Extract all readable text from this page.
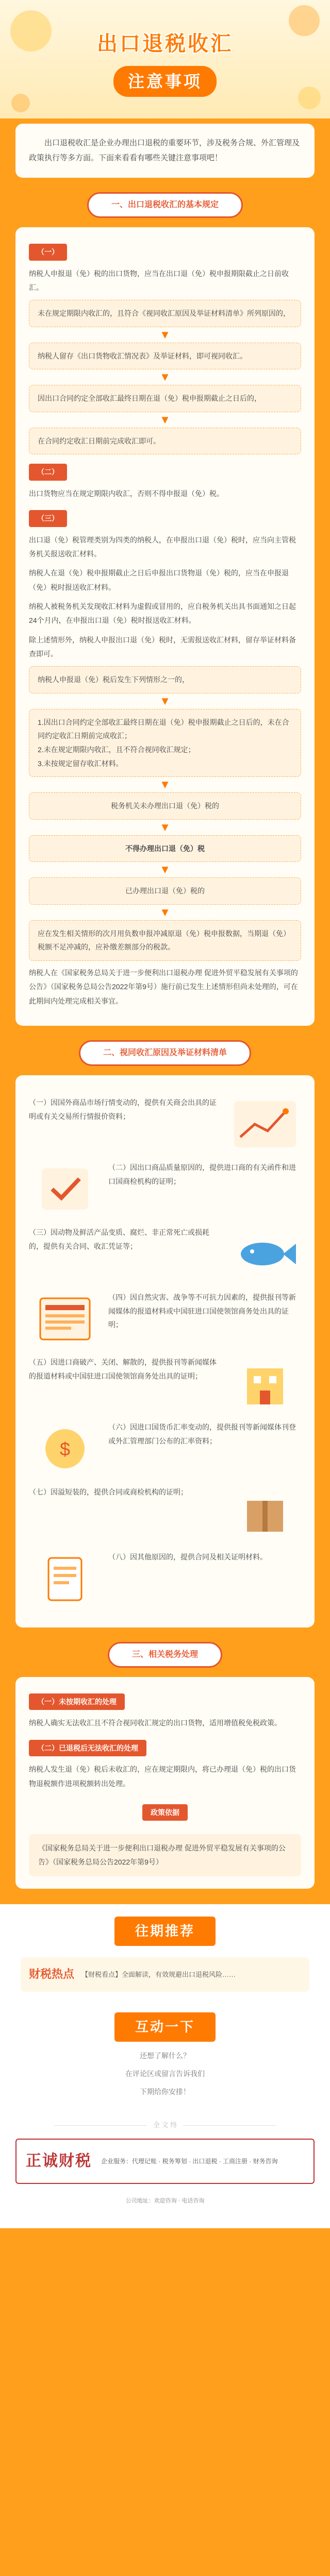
出口退税收汇
注意事项

出口退税收汇是企业办理出口退税的重要环节，涉及税务合规、外汇管理及政策执行等多方面。下面来看看有哪些关键注意事项吧！

一、出口退税收汇的基本规定
（一）

纳税人申报退（免）税的出口货物，应当在出口退（免）税申报期限截止之日前收汇。

未在规定期限内收汇的，且符合《视同收汇原因及举证材料清单》所列原因的，
▼
纳税人留存《出口货物收汇情况表》及举证材料，即可视同收汇。
▼
因出口合同约定全部收汇最终日期在退（免）税申报期截止之日后的，
▼
在合同约定收汇日期前完成收汇即可。
（二）

出口货物应当在规定期限内收汇，否则不得申报退（免）税。

（三）

出口退（免）税管理类别为四类的纳税人，在申报出口退（免）税时，应当向主管税务机关报送收汇材料。

纳税人在退（免）税申报期截止之日后申报出口货物退（免）税的，应当在申报退（免）税时报送收汇材料。

纳税人被税务机关发现收汇材料为虚假或冒用的，应自税务机关出具书面通知之日起24个月内，在申报出口退（免）税时报送收汇材料。

除上述情形外，纳税人申报出口退（免）税时，无需报送收汇材料，留存举证材料备查即可。

纳税人申报退（免）税后发生下列情形之一的，
▼
1.因出口合同约定全部收汇最终日期在退（免）税申报期截止之日后的，未在合同约定收汇日期前完成收汇；
2.未在规定期限内收汇，且不符合视同收汇规定；
3.未按规定留存收汇材料。
▼
税务机关未办理出口退（免）税的
▼
不得办理出口退（免）税
▼
已办理出口退（免）税的
▼
应在发生相关情形的次月用负数申报冲减原退（免）税申报数据，当期退（免）税额不足冲减的，应补缴差额部分的税款。

纳税人在《国家税务总局关于进一步便利出口退税办理 促进外贸平稳发展有关事项的公告》（国家税务总局公告2022年第9号）施行前已发生上述情形但尚未处理的，可在此期间内处理完成相关事宜。

二、视同收汇原因及举证材料清单
（一）因国外商品市场行情变动的，提供有关商会出具的证明或有关交易所行情报价资料；
（二）因出口商品质量原因的，提供进口商的有关函件和进口国商检机构的证明；
（三）因动物及鲜活产品变质、腐烂、非正常死亡或损耗的，提供有关合同、收汇凭证等；
（四）因自然灾害、战争等不可抗力因素的，提供报刊等新闻媒体的报道材料或中国驻进口国使领馆商务处出具的证明；
（五）因进口商破产、关闭、解散的，提供报刊等新闻媒体的报道材料或中国驻进口国使领馆商务处出具的证明；
$
（六）因进口国货币汇率变动的，提供报刊等新闻媒体刊登或外汇管理部门公布的汇率资料；
（七）因溢短装的，提供合同或商检机构的证明；
（八）因其他原因的，提供合同及相关证明材料。
三、相关税务处理
（一）未按期收汇的处理

纳税人确实无法收汇且不符合视同收汇规定的出口货物，适用增值税免税政策。

（二）已退税后无法收汇的处理

纳税人发生退（免）税后未收汇的，应在规定期限内，将已办理退（免）税的出口货物退税额作进项税额转出处理。

政策依据
《国家税务总局关于进一步便利出口退税办理 促进外贸平稳发展有关事项的公告》（国家税务总局公告2022年第9号）
往期推荐
财税热点 【财税看点】全面解读，有效规避出口退税风险……
互动一下
还想了解什么？
在评论区或留言告诉我们
下期给你安排！
全 文 终
正诚财税 企业服务：代理记账 · 税务筹划 · 出口退税 · 工商注册 · 财务咨询
公司地址：欢迎咨询 · 电话咨询
